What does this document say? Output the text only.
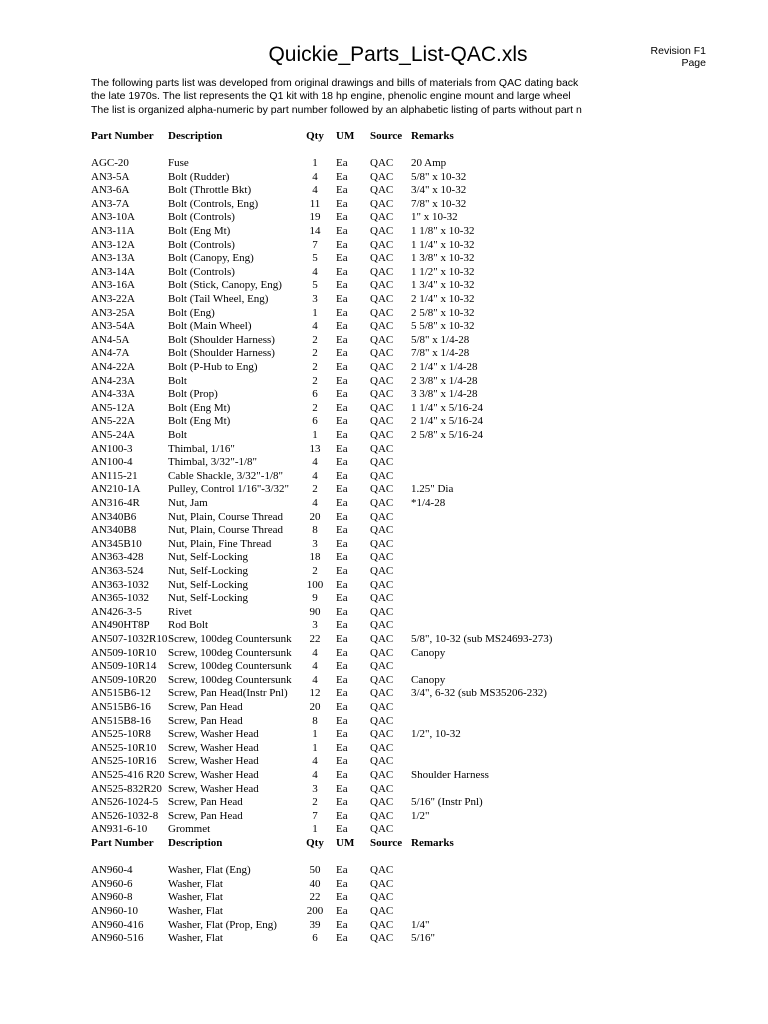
Quickie_Parts_List-QAC.xls	Revision F1
Page
The following parts list was developed from original drawings and bills of materials from QAC dating back
the late 1970s. The list represents the Q1 kit with 18 hp engine, phenolic engine mount and large wheel
The list is organized alpha-numeric by part number followed by an alphabetic listing of parts without part n
Part Number Description	Qty	UM Source Remarks
AGC-20	Fuse	1	Ea QAC 20 Amp
AN3-5A	Bolt (Rudder)	4	Ea QAC 5/8" x 10-32
AN3-6A	Bolt (Throttle Bkt)	4	Ea QAC 3/4" x 10-32
AN3-7A	Bolt (Controls, Eng)	11	Ea QAC 7/8" x 10-32
AN3-10A	Bolt (Controls)	19	Ea QAC 1" x 10-32
AN3-11A	Bolt (Eng Mt)	14	Ea QAC 1 1/8" x 10-32
AN3-12A	Bolt (Controls)	7	Ea QAC 1 1/4" x 10-32
AN3-13A	Bolt (Canopy, Eng)	5	Ea QAC 1 3/8" x 10-32
AN3-14A	Bolt (Controls)	4	Ea QAC 1 1/2" x 10-32
AN3-16A	Bolt (Stick, Canopy, Eng)	5	Ea QAC 1 3/4" x 10-32
AN3-22A	Bolt (Tail Wheel, Eng)	3	Ea QAC 2 1/4" x 10-32
AN3-25A	Bolt (Eng)	1	Ea QAC 2 5/8" x 10-32
AN3-54A	Bolt (Main Wheel)	4	Ea QAC 5 5/8" x 10-32
AN4-5A	Bolt (Shoulder Harness)	2	Ea QAC 5/8" x 1/4-28
AN4-7A	Bolt (Shoulder Harness)	2	Ea QAC 7/8" x 1/4-28
AN4-22A	Bolt (P-Hub to Eng)	2	Ea QAC 2 1/4" x 1/4-28
AN4-23A	Bolt	2	Ea QAC 2 3/8" x 1/4-28
AN4-33A	Bolt (Prop)	6	Ea QAC 3 3/8" x 1/4-28
AN5-12A	Bolt (Eng Mt)	2	Ea QAC 1 1/4" x 5/16-24
AN5-22A	Bolt (Eng Mt)	6	Ea QAC 2 1/4" x 5/16-24
AN5-24A	Bolt	1	Ea QAC 2 5/8" x 5/16-24
AN100-3	Thimbal, 1/16"	13	Ea QAC
AN100-4	Thimbal, 3/32"-1/8"	4	Ea QAC
AN115-21	Cable Shackle, 3/32"-1/8"	4	Ea QAC
AN210-1A	Pulley, Control 1/16"-3/32"	2	Ea QAC 1.25" Dia
AN316-4R	Nut, Jam	4	Ea QAC *1/4-28
AN340B6	Nut, Plain, Course Thread	20	Ea QAC
AN340B8	Nut, Plain, Course Thread	8	Ea QAC
AN345B10 Nut, Plain, Fine Thread	3	Ea QAC
AN363-428 Nut, Self-Locking	18	Ea QAC
AN363-524 Nut, Self-Locking	2	Ea QAC
AN363-1032 Nut, Self-Locking	100	Ea QAC
AN365-1032 Nut, Self-Locking	9	Ea QAC
AN426-3-5 Rivet	90	Ea QAC
AN490HT8P Rod Bolt	3	Ea QAC
AN507-1032R10 Screw, 100deg Countersunk	22	Ea QAC 5/8", 10-32 (sub MS24693-273)
AN509-10R10 Screw, 100deg Countersunk	4	Ea QAC Canopy
AN509-10R14 Screw, 100deg Countersunk	4	Ea QAC
AN509-10R20 Screw, 100deg Countersunk	4	Ea QAC Canopy
AN515B6-12 Screw, Pan Head(Instr Pnl)	12	Ea QAC 3/4", 6-32 (sub MS35206-232)
AN515B6-16 Screw, Pan Head	20	Ea QAC
AN515B8-16 Screw, Pan Head	8	Ea QAC
AN525-10R8 Screw, Washer Head	1	Ea QAC 1/2", 10-32
AN525-10R10 Screw, Washer Head	1	Ea QAC
AN525-10R16 Screw, Washer Head	4	Ea QAC
AN525-416 R20 Screw, Washer Head	4	Ea QAC Shoulder Harness
AN525-832R20 Screw, Washer Head	3	Ea QAC
AN526-1024-5 Screw, Pan Head	2	Ea QAC 5/16" (Instr Pnl)
AN526-1032-8 Screw, Pan Head	7	Ea QAC 1/2"
AN931-6-10 Grommet	1	Ea QAC
Part Number Description	Qty	UM Source Remarks
AN960-4	Washer, Flat (Eng)	50	Ea QAC
AN960-6	Washer, Flat	40	Ea QAC
AN960-8	Washer, Flat	22	Ea QAC
AN960-10	Washer, Flat	200	Ea QAC
AN960-416 Washer, Flat (Prop, Eng)	39	Ea QAC 1/4"
AN960-516 Washer, Flat	6	Ea QAC 5/16"
